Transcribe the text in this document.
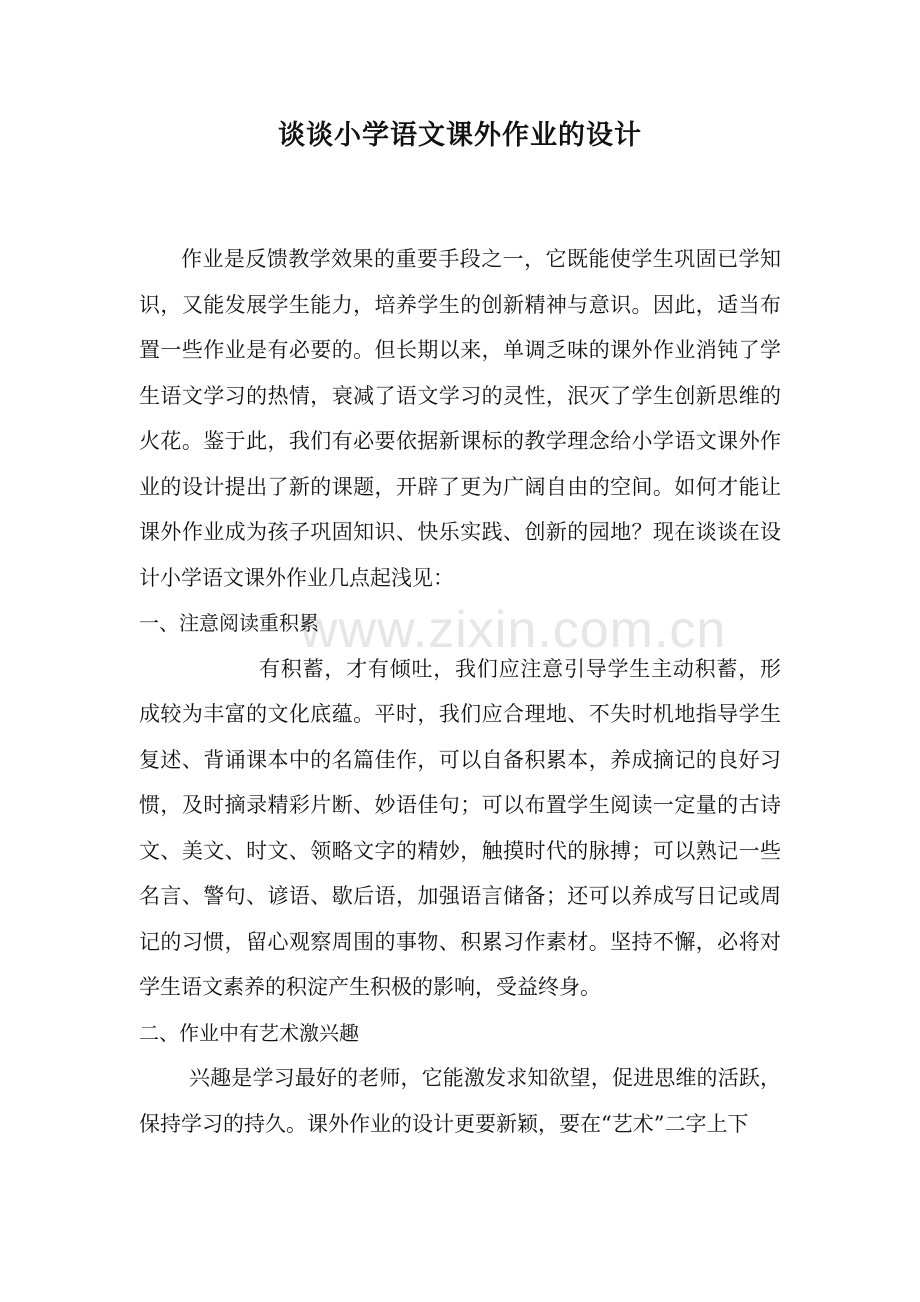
www.zixin.com.cn
谈谈小学语文课外作业的设计

作业是反馈教学效果的重要手段之一，它既能使学生巩固已学知识，又能发展学生能力，培养学生的创新精神与意识。因此，适当布置一些作业是有必要的。但长期以来，单调乏味的课外作业消钝了学生语文学习的热情，衰减了语文学习的灵性，泯灭了学生创新思维的火花。鉴于此，我们有必要依据新课标的教学理念给小学语文课外作业的设计提出了新的课题，开辟了更为广阔自由的空间。如何才能让课外作业成为孩子巩固知识、快乐实践、创新的园地？现在谈谈在设计小学语文课外作业几点起浅见：

一、注意阅读重积累

有积蓄，才有倾吐，我们应注意引导学生主动积蓄，形成较为丰富的文化底蕴。平时，我们应合理地、不失时机地指导学生复述、背诵课本中的名篇佳作，可以自备积累本，养成摘记的良好习惯，及时摘录精彩片断、妙语佳句；可以布置学生阅读一定量的古诗文、美文、时文、领略文字的精妙，触摸时代的脉搏；可以熟记一些名言、警句、谚语、歇后语，加强语言储备；还可以养成写日记或周记的习惯，留心观察周围的事物、积累习作素材。坚持不懈，必将对学生语文素养的积淀产生积极的影响，受益终身。

二、作业中有艺术激兴趣

兴趣是学习最好的老师，它能激发求知欲望，促进思维的活跃，保持学习的持久。课外作业的设计更要新颖，要在“艺术”二字上下
